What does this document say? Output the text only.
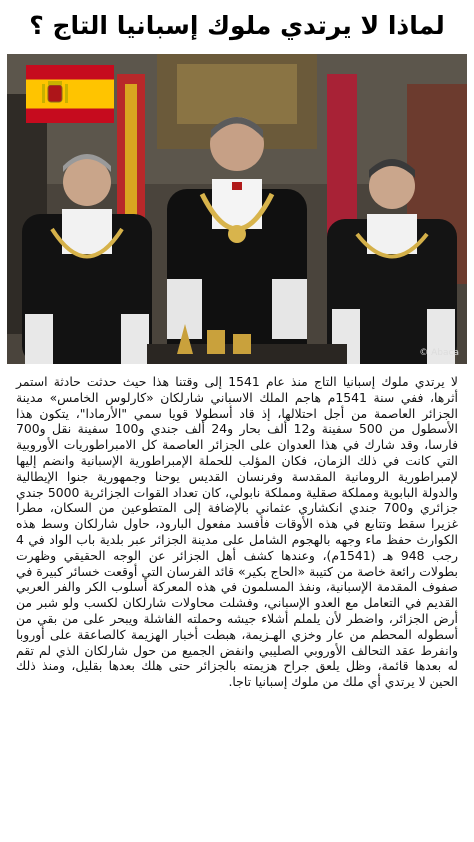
لماذا لا يرتدي ملوك إسبانيا التاج ؟
© Abaca

لا يرتدي ملوك إسبانيا التاج منذ عام 1541 إلى وقتنا هذا حيث حدثت حادثة استمر أثرها، ففي سنة 1541م هاجم الملك الاسباني شارلكان «كارلوس الخامس» مدينة الجزائر العاصمة من أجل احتلالها، إذ قاد أسطولا قويا سمي "الأرمادا"، يتكون هذا الأسطول من 500 سفينة و12 ألف بحار و24 ألف جندي و100 سفينة نقل و700 فارسا، وقد شارك في هذا العدوان على الجزائر العاصمة كل الامبراطوريات الأوروبية التي كانت في ذلك الزمان، فكان المؤلب للحملة الإمبراطورية الإسبانية وانضم إليها لإمبراطورية الرومانية المقدسة وفرنسان القديس يوحنا وجمهورية جنوا الإيطالية والدولة البابوية ومملكة صقلية ومملكة نابولي، كان تعداد القوات الجزائرية 5000 جندي جزائري و700 جندي انكشاري عثماني بالإضافة إلى المتطوعين من السكان، مطرا غزيرا سقط وتتابع في هذه الأوقات فأفسد مفعول البارود، حاول شارلكان وسط هذه الكوارث حفظ ماء وجهه بالهجوم الشامل على مدينة الجزائر عبر بلدية باب الواد في 4 رجب 948 هـ (1541م)، وعندها كشف أهل الجزائر عن الوجه الحقيقي وظهرت بطولات رائعة خاصة من كتيبة «الحاج بكير» قائد الفرسان التي أوقعت خسائر كبيرة في صفوف المقدمة الإسبانية، ونفذ المسلمون في هذه المعركة أسلوب الكر والفر العربي القديم في التعامل مع العدو الإسباني، وفشلت محاولات شارلكان لكسب ولو شبر من أرض الجزائر، واضطر لأن يلملم أشلاء جيشه وحملته الفاشلة ويبحر على من بقي من أسطوله المحطم من عار وخزي الهـزيمة، هبطت أخبار الهزيمة كالصاعقة على أوروبا وانفرط عقد التحالف الأوروبي الصليبي وانفض الجميع من حول شارلكان الذي لم تقم له بعدها قائمة، وظل يلعق جراح هزيمته بالجزائر حتى هلك بعدها بقليل، ومنذ ذلك الحين لا يرتدي أي ملك من ملوك إسبانيا تاجا.
